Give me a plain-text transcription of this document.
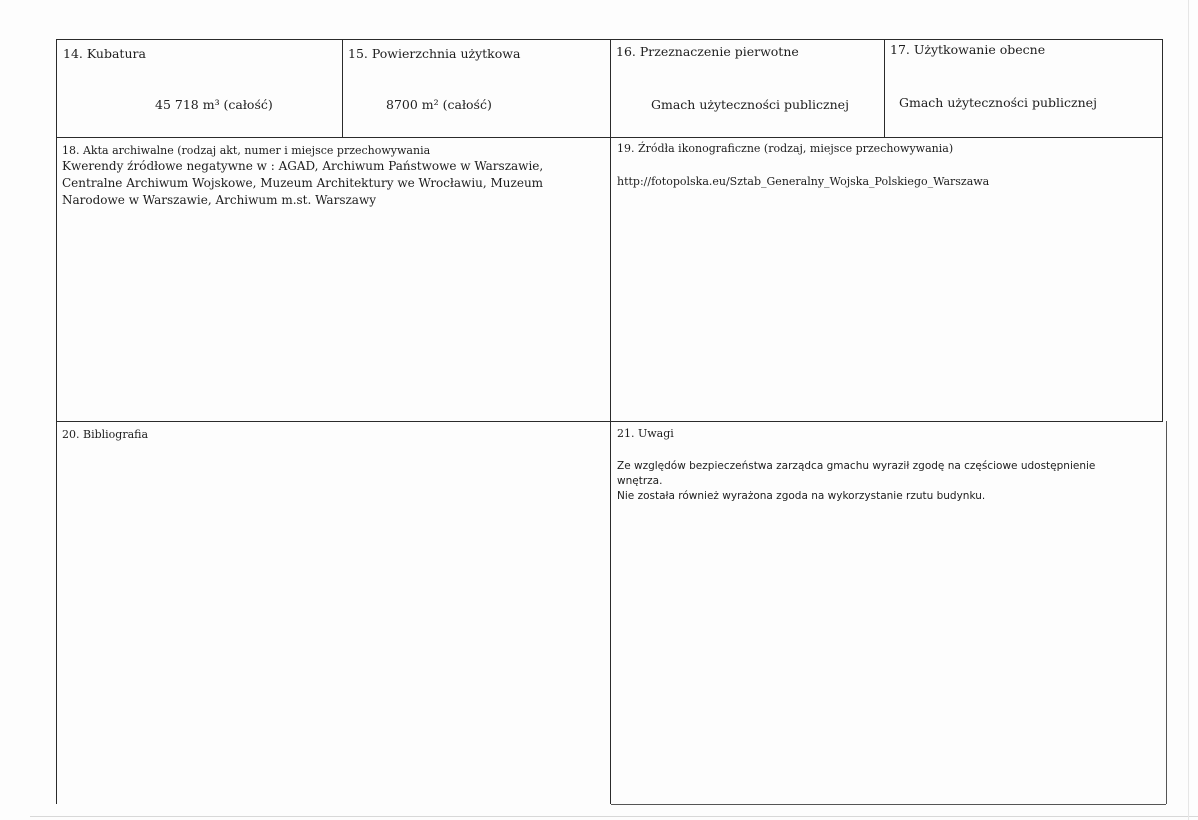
14. Kubatura
45 718 m³ (całość)
15. Powierzchnia użytkowa
8700 m² (całość)
16. Przeznaczenie pierwotne
Gmach użyteczności publicznej
17. Użytkowanie obecne
Gmach użyteczności publicznej
18. Akta archiwalne (rodzaj akt, numer i miejsce przechowywania
Kwerendy źródłowe negatywne w : AGAD, Archiwum Państwowe w Warszawie,
Centralne Archiwum Wojskowe, Muzeum Architektury we Wrocławiu, Muzeum
Narodowe w Warszawie, Archiwum m.st. Warszawy
19. Źródła ikonograficzne (rodzaj, miejsce przechowywania)
http://fotopolska.eu/Sztab_Generalny_Wojska_Polskiego_Warszawa
20. Bibliografia	21. Uwagi
Ze względów bezpieczeństwa zarządca gmachu wyraził zgodę na częściowe udostępnienie
wnętrza.
Nie została również wyrażona zgoda na wykorzystanie rzutu budynku.
